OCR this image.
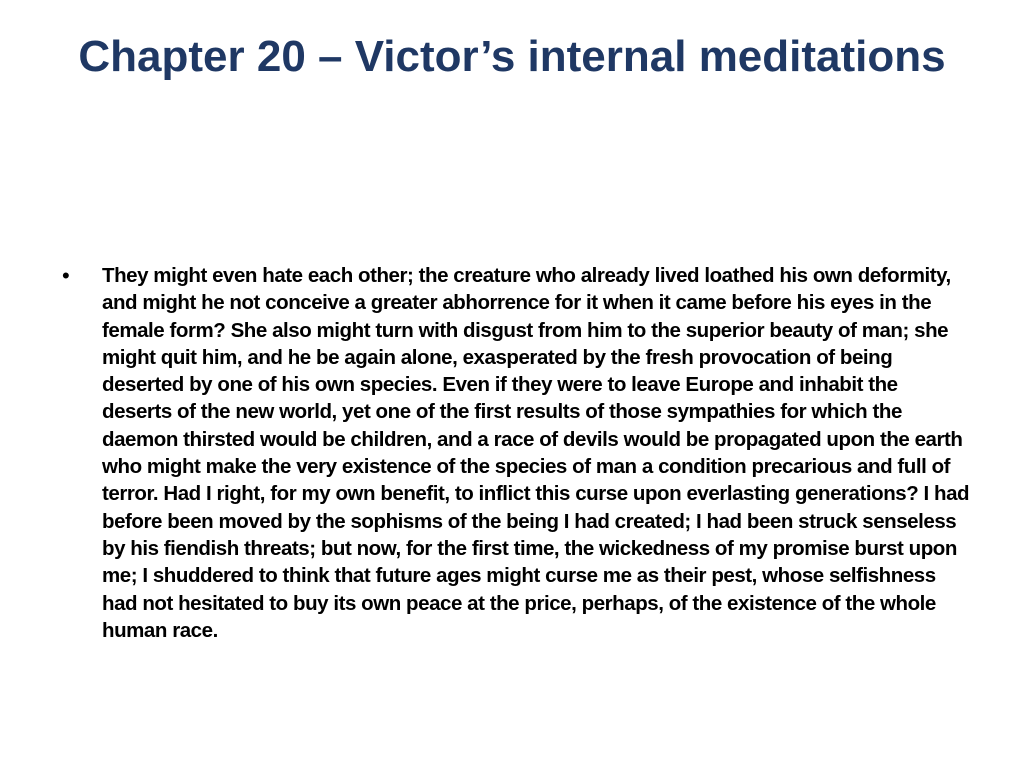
Chapter 20 – Victor’s internal meditations
•	They might even hate each other; the creature who already lived loathed his own deformity, and might he not conceive a greater abhorrence for it when it came before his eyes in the female form? She also might turn with disgust from him to the superior beauty of man; she might quit him, and he be again alone, exasperated by the fresh provocation of being deserted by one of his own species. Even if they were to leave Europe and inhabit the deserts of the new world, yet one of the first results of those sympathies for which the daemon thirsted would be children, and a race of devils would be propagated upon the earth who might make the very existence of the species of man a condition precarious and full of terror. Had I right, for my own benefit, to inflict this curse upon everlasting generations? I had before been moved by the sophisms of the being I had created; I had been struck senseless by his fiendish threats; but now, for the first time, the wickedness of my promise burst upon me; I shuddered to think that future ages might curse me as their pest, whose selfishness had not hesitated to buy its own peace at the price, perhaps, of the existence of the whole human race.
